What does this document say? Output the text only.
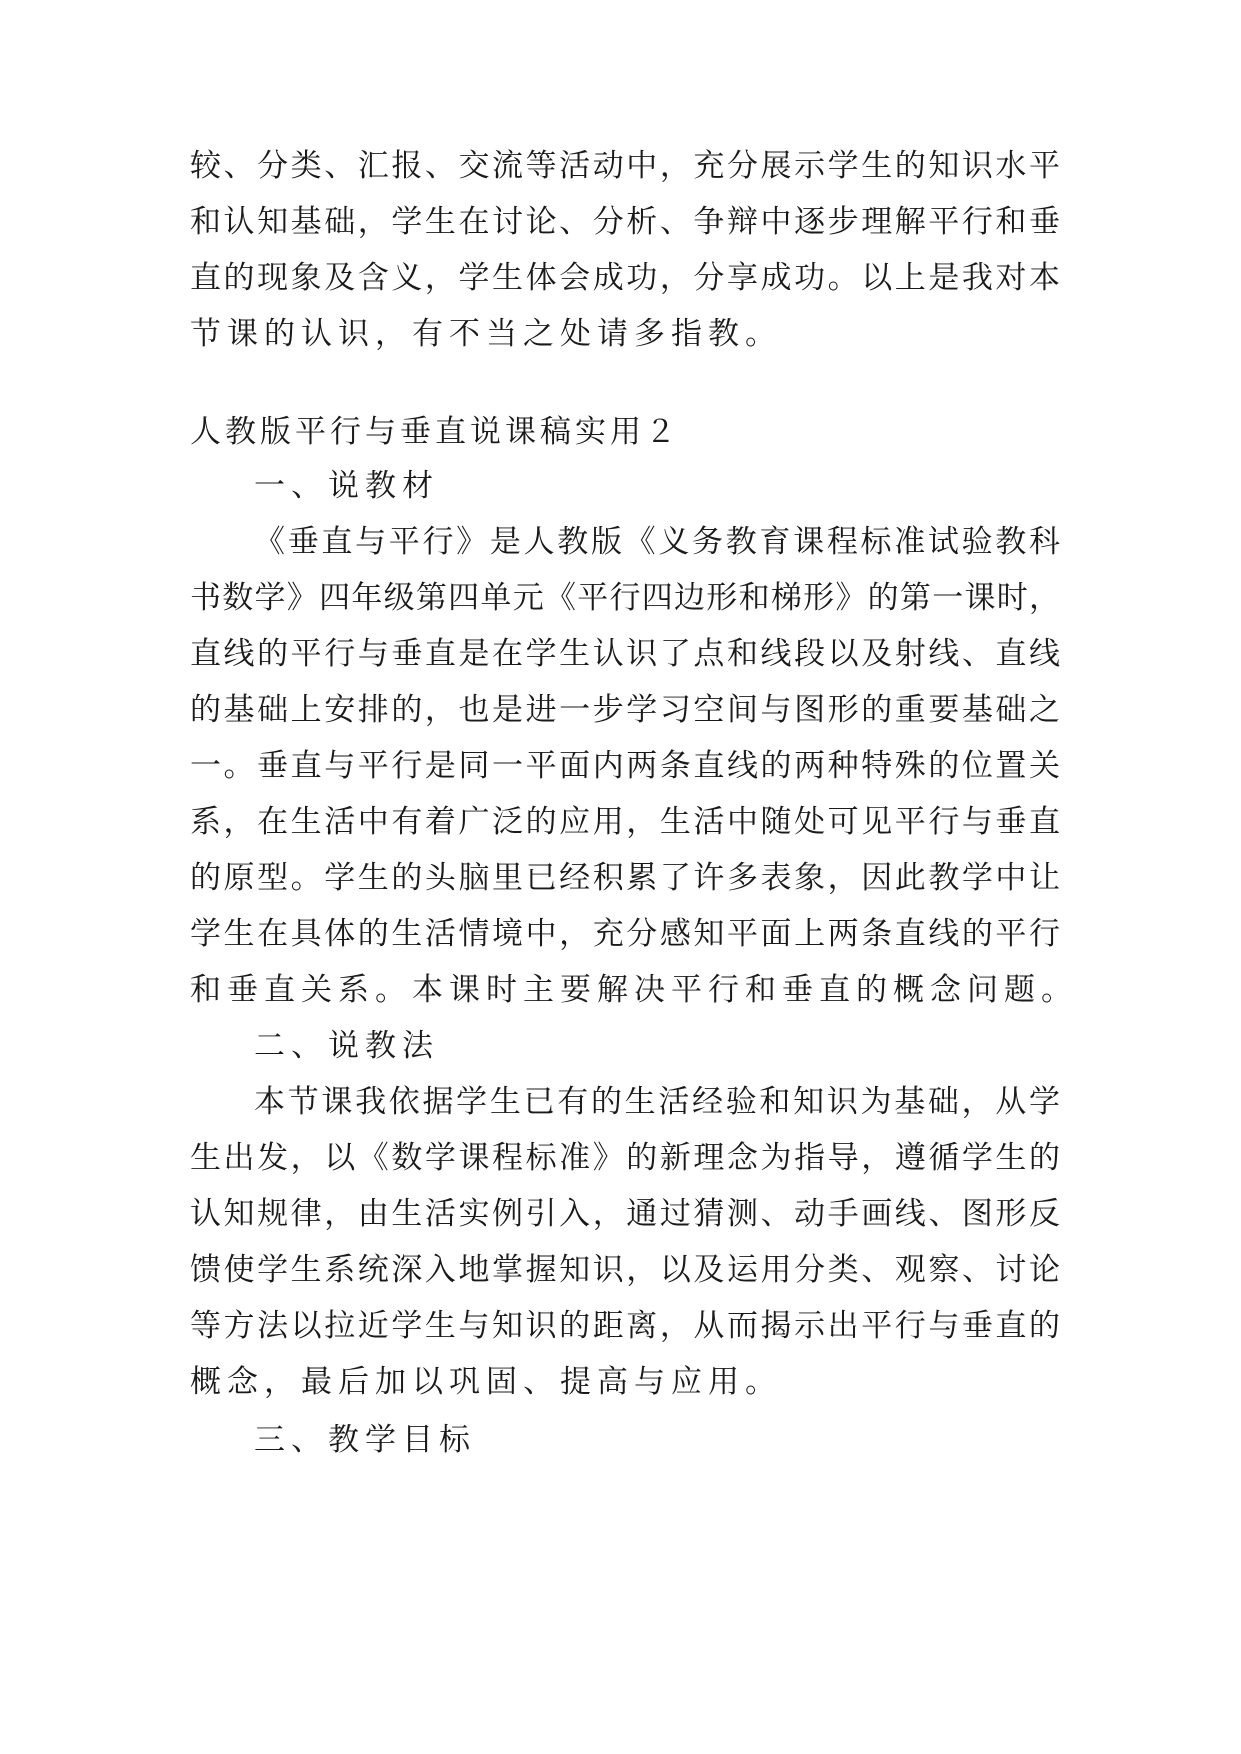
较、分类、汇报、交流等活动中，充分展示学生的知识水平
和认知基础，学生在讨论、分析、争辩中逐步理解平行和垂
直的现象及含义，学生体会成功，分享成功。以上是我对本
节课的认识，有不当之处请多指教。
人教版平行与垂直说课稿实用２
一、说教材
《垂直与平行》是人教版《义务教育课程标准试验教科
书数学》四年级第四单元《平行四边形和梯形》的第一课时，
直线的平行与垂直是在学生认识了点和线段以及射线、直线
的基础上安排的，也是进一步学习空间与图形的重要基础之
一。垂直与平行是同一平面内两条直线的两种特殊的位置关
系，在生活中有着广泛的应用，生活中随处可见平行与垂直
的原型。学生的头脑里已经积累了许多表象，因此教学中让
学生在具体的生活情境中，充分感知平面上两条直线的平行
和垂直关系。本课时主要解决平行和垂直的概念问题。
二、说教法
本节课我依据学生已有的生活经验和知识为基础，从学
生出发，以《数学课程标准》的新理念为指导，遵循学生的
认知规律，由生活实例引入，通过猜测、动手画线、图形反
馈使学生系统深入地掌握知识，以及运用分类、观察、讨论
等方法以拉近学生与知识的距离，从而揭示出平行与垂直的
概念，最后加以巩固、提高与应用。
三、教学目标
